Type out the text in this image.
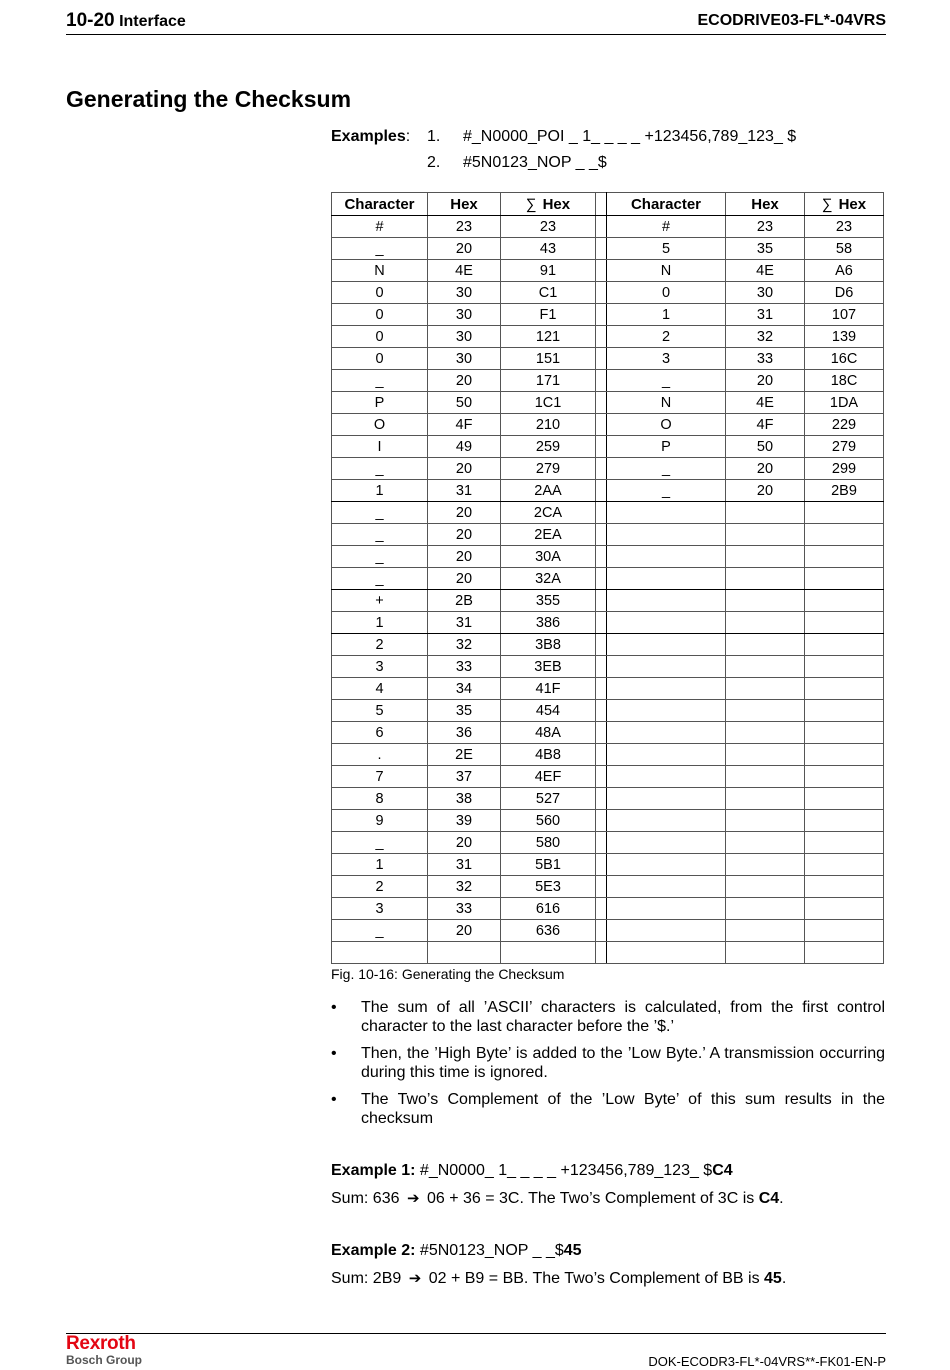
10-20 Interface	ECODRIVE03-FL*-04VRS
Generating the Checksum
Examples: 1. #_N0000_POI _ 1_ _ _ _ +123456,789_123_ $
2. #5N0123_NOP _ _$
Character	Hex	∑ Hex		Character	Hex	∑ Hex
#	23	23		#	23	23
_	20	43		5	35	58
N	4E	91		N	4E	A6
0	30	C1		0	30	D6
0	30	F1		1	31	107
0	30	121		2	32	139
0	30	151		3	33	16C
_	20	171		_	20	18C
P	50	1C1		N	4E	1DA
O	4F	210		O	4F	229
I	49	259		P	50	279
_	20	279		_	20	299
1	31	2AA		_	20	2B9
_	20	2CA				
_	20	2EA				
_	20	30A				
_	20	32A				
+	2B	355				
1	31	386				
2	32	3B8				
3	33	3EB				
4	34	41F				
5	35	454				
6	36	48A				
.	2E	4B8				
7	37	4EF				
8	38	527				
9	39	560				
_	20	580				
1	31	5B1				
2	32	5E3				
3	33	616				
_	20	636				

Fig. 10-16: Generating the Checksum
• The sum of all ’ASCII’ characters is calculated, from the first control character to the last character before the ’$.’
• Then, the ’High Byte’ is added to the ’Low Byte.’ A transmission occurring during this time is ignored.
• The Two’s Complement of the ’Low Byte’ of this sum results in the checksum
Example 1: #_N0000_ 1_ _ _ _ +123456,789_123_ $C4
Sum: 636 ➔ 06 + 36 = 3C. The Two’s Complement of 3C is C4.
Example 2: #5N0123_NOP _ _$45
Sum: 2B9 ➔ 02 + B9 = BB. The Two’s Complement of BB is 45.
Rexroth
Bosch Group	DOK-ECODR3-FL*-04VRS**-FK01-EN-P
